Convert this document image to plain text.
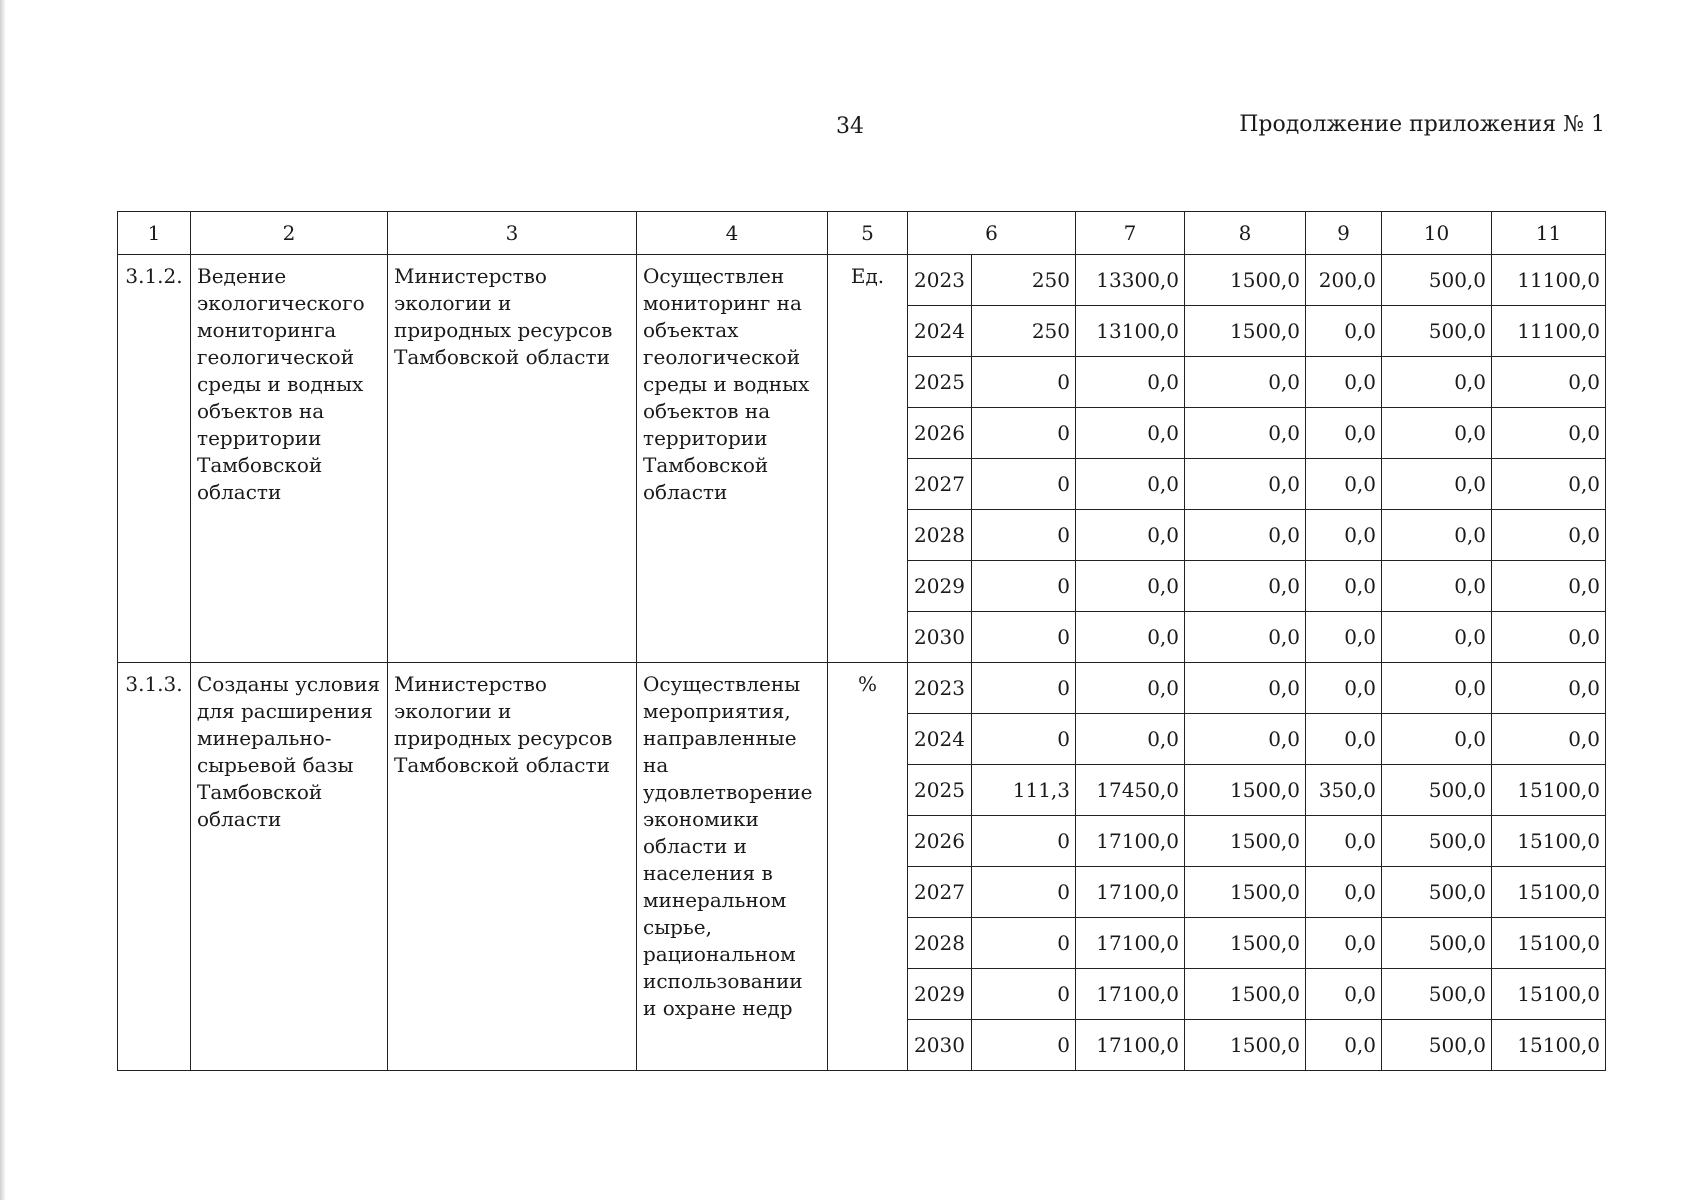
34	Продолжение приложения № 1
1	2	3	4	5	6		7	8	9	10	11
3.1.2.	Ведение экологического мониторинга геологической среды и водных объектов на территории Тамбовской области	Министерство экологии и природных ресурсов Тамбовской области	Осуществлен мониторинг на объектах геологической среды и водных объектов на территории Тамбовской области	Ед.	2023	250	13300,0	1500,0	200,0	500,0	11100,0
					2024	250	13100,0	1500,0	0,0	500,0	11100,0
					2025	0	0,0	0,0	0,0	0,0	0,0
					2026	0	0,0	0,0	0,0	0,0	0,0
					2027	0	0,0	0,0	0,0	0,0	0,0
					2028	0	0,0	0,0	0,0	0,0	0,0
					2029	0	0,0	0,0	0,0	0,0	0,0
					2030	0	0,0	0,0	0,0	0,0	0,0
3.1.3.	Созданы условия для расширения минерально-сырьевой базы Тамбовской области	Министерство экологии и природных ресурсов Тамбовской области	Осуществлены мероприятия, направленные на удовлетворение экономики области и населения в минеральном сырье, рациональном использовании и охране недр	%	2023	0	0,0	0,0	0,0	0,0	0,0
					2024	0	0,0	0,0	0,0	0,0	0,0
					2025	111,3	17450,0	1500,0	350,0	500,0	15100,0
					2026	0	17100,0	1500,0	0,0	500,0	15100,0
					2027	0	17100,0	1500,0	0,0	500,0	15100,0
					2028	0	17100,0	1500,0	0,0	500,0	15100,0
					2029	0	17100,0	1500,0	0,0	500,0	15100,0
					2030	0	17100,0	1500,0	0,0	500,0	15100,0
